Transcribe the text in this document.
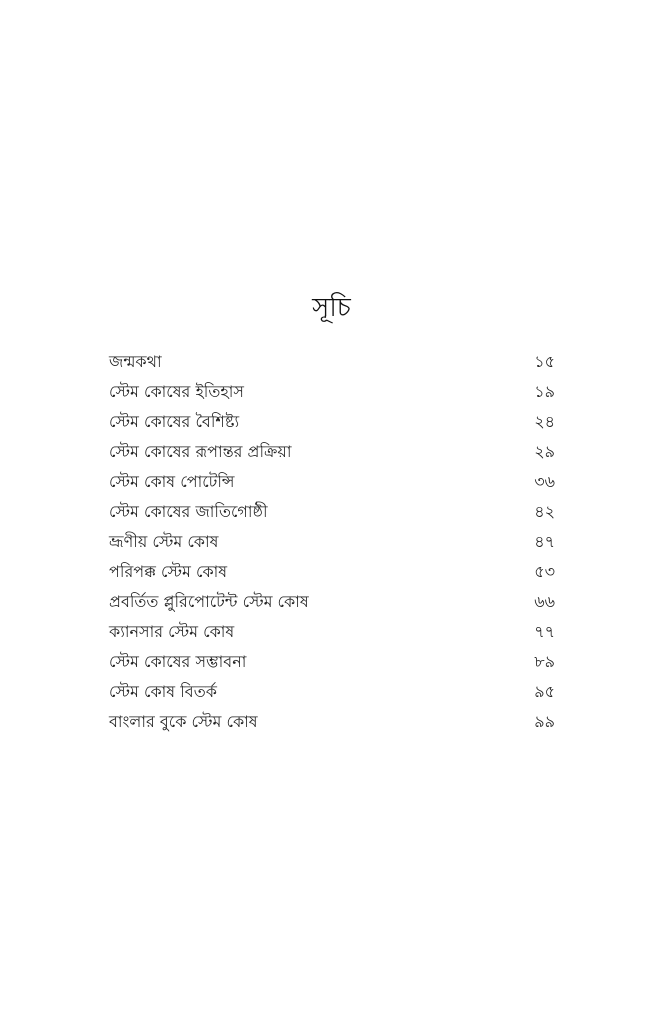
সূচি
জন্মকথা	১৫
স্টেম কোষের ইতিহাস	১৯
স্টেম কোষের বৈশিষ্ট্য	২৪
স্টেম কোষের রূপান্তর প্রক্রিয়া	২৯
স্টেম কোষ পোটেন্সি	৩৬
স্টেম কোষের জাতিগোষ্ঠী	৪২
ভ্রূণীয় স্টেম কোষ	৪৭
পরিপক্ক স্টেম কোষ	৫৩
প্রবর্তিত প্লুরিপোটেন্ট স্টেম কোষ	৬৬
ক্যানসার স্টেম কোষ	৭৭
স্টেম কোষের সম্ভাবনা	৮৯
স্টেম কোষ বিতর্ক	৯৫
বাংলার বুকে স্টেম কোষ	৯৯
